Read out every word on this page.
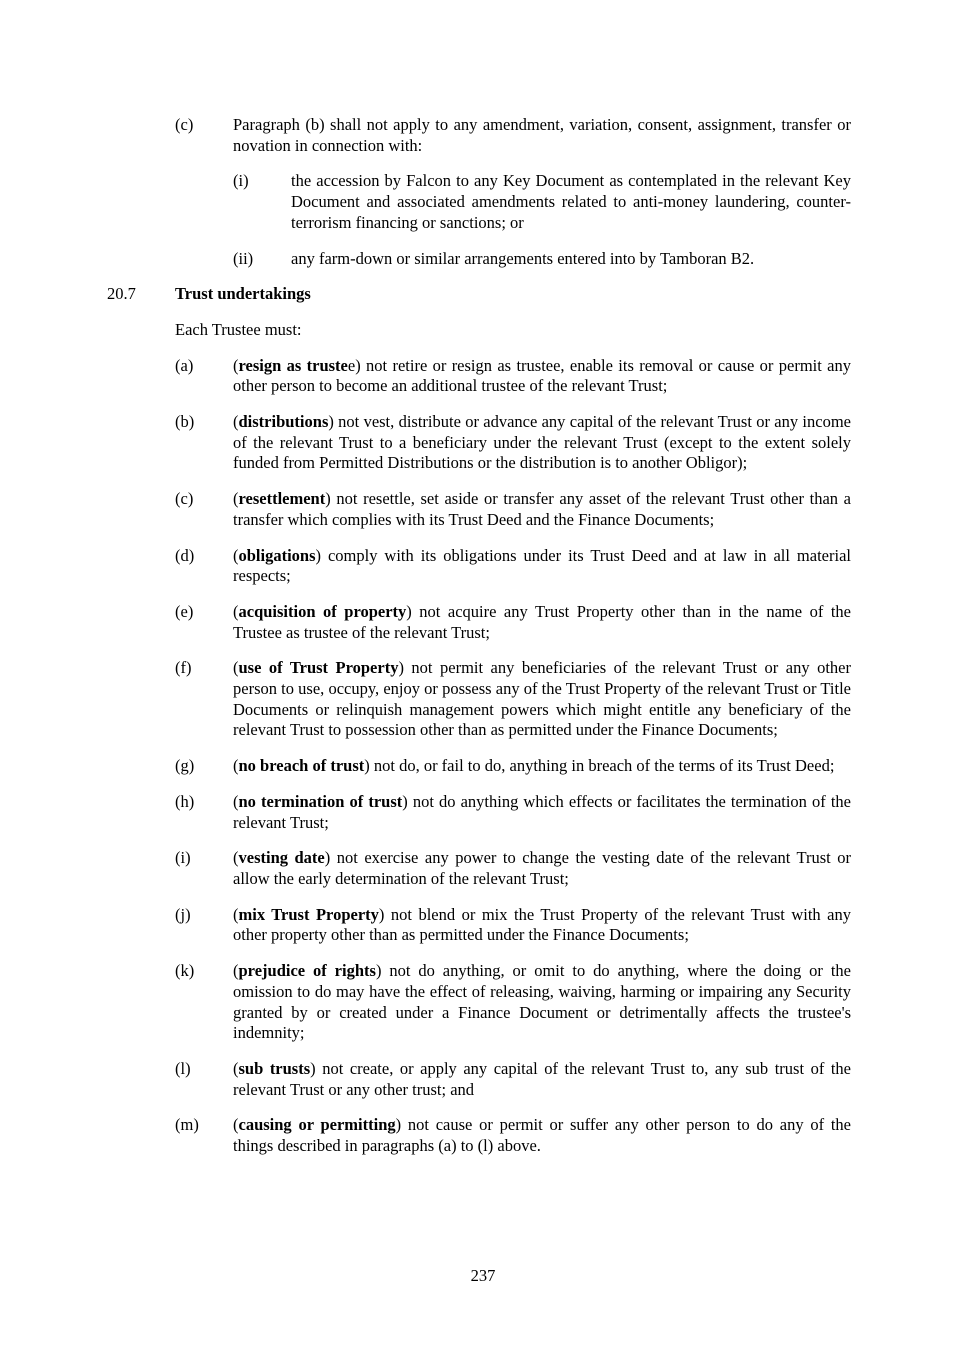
(c)	Paragraph (b) shall not apply to any amendment, variation, consent, assignment, transfer or novation in connection with:

(i)	the accession by Falcon to any Key Document as contemplated in the relevant Key Document and associated amendments related to anti-money laundering, counter-terrorism financing or sanctions; or

(ii)	any farm-down or similar arrangements entered into by Tamboran B2.

20.7	Trust undertakings

Each Trustee must:

(a)	(resign as trustee) not retire or resign as trustee, enable its removal or cause or permit any other person to become an additional trustee of the relevant Trust;

(b)	(distributions) not vest, distribute or advance any capital of the relevant Trust or any income of the relevant Trust to a beneficiary under the relevant Trust (except to the extent solely funded from Permitted Distributions or the distribution is to another Obligor);

(c)	(resettlement) not resettle, set aside or transfer any asset of the relevant Trust other than a transfer which complies with its Trust Deed and the Finance Documents;

(d)	(obligations) comply with its obligations under its Trust Deed and at law in all material respects;

(e)	(acquisition of property) not acquire any Trust Property other than in the name of the Trustee as trustee of the relevant Trust;

(f)	(use of Trust Property) not permit any beneficiaries of the relevant Trust or any other person to use, occupy, enjoy or possess any of the Trust Property of the relevant Trust or Title Documents or relinquish management powers which might entitle any beneficiary of the relevant Trust to possession other than as permitted under the Finance Documents;

(g)	(no breach of trust) not do, or fail to do, anything in breach of the terms of its Trust Deed;

(h)	(no termination of trust) not do anything which effects or facilitates the termination of the relevant Trust;

(i)	(vesting date) not exercise any power to change the vesting date of the relevant Trust or allow the early determination of the relevant Trust;

(j)	(mix Trust Property) not blend or mix the Trust Property of the relevant Trust with any other property other than as permitted under the Finance Documents;

(k)	(prejudice of rights) not do anything, or omit to do anything, where the doing or the omission to do may have the effect of releasing, waiving, harming or impairing any Security granted by or created under a Finance Document or detrimentally affects the trustee's indemnity;

(l)	(sub trusts) not create, or apply any capital of the relevant Trust to, any sub trust of the relevant Trust or any other trust; and

(m)	(causing or permitting) not cause or permit or suffer any other person to do any of the things described in paragraphs (a) to (l) above.

237
